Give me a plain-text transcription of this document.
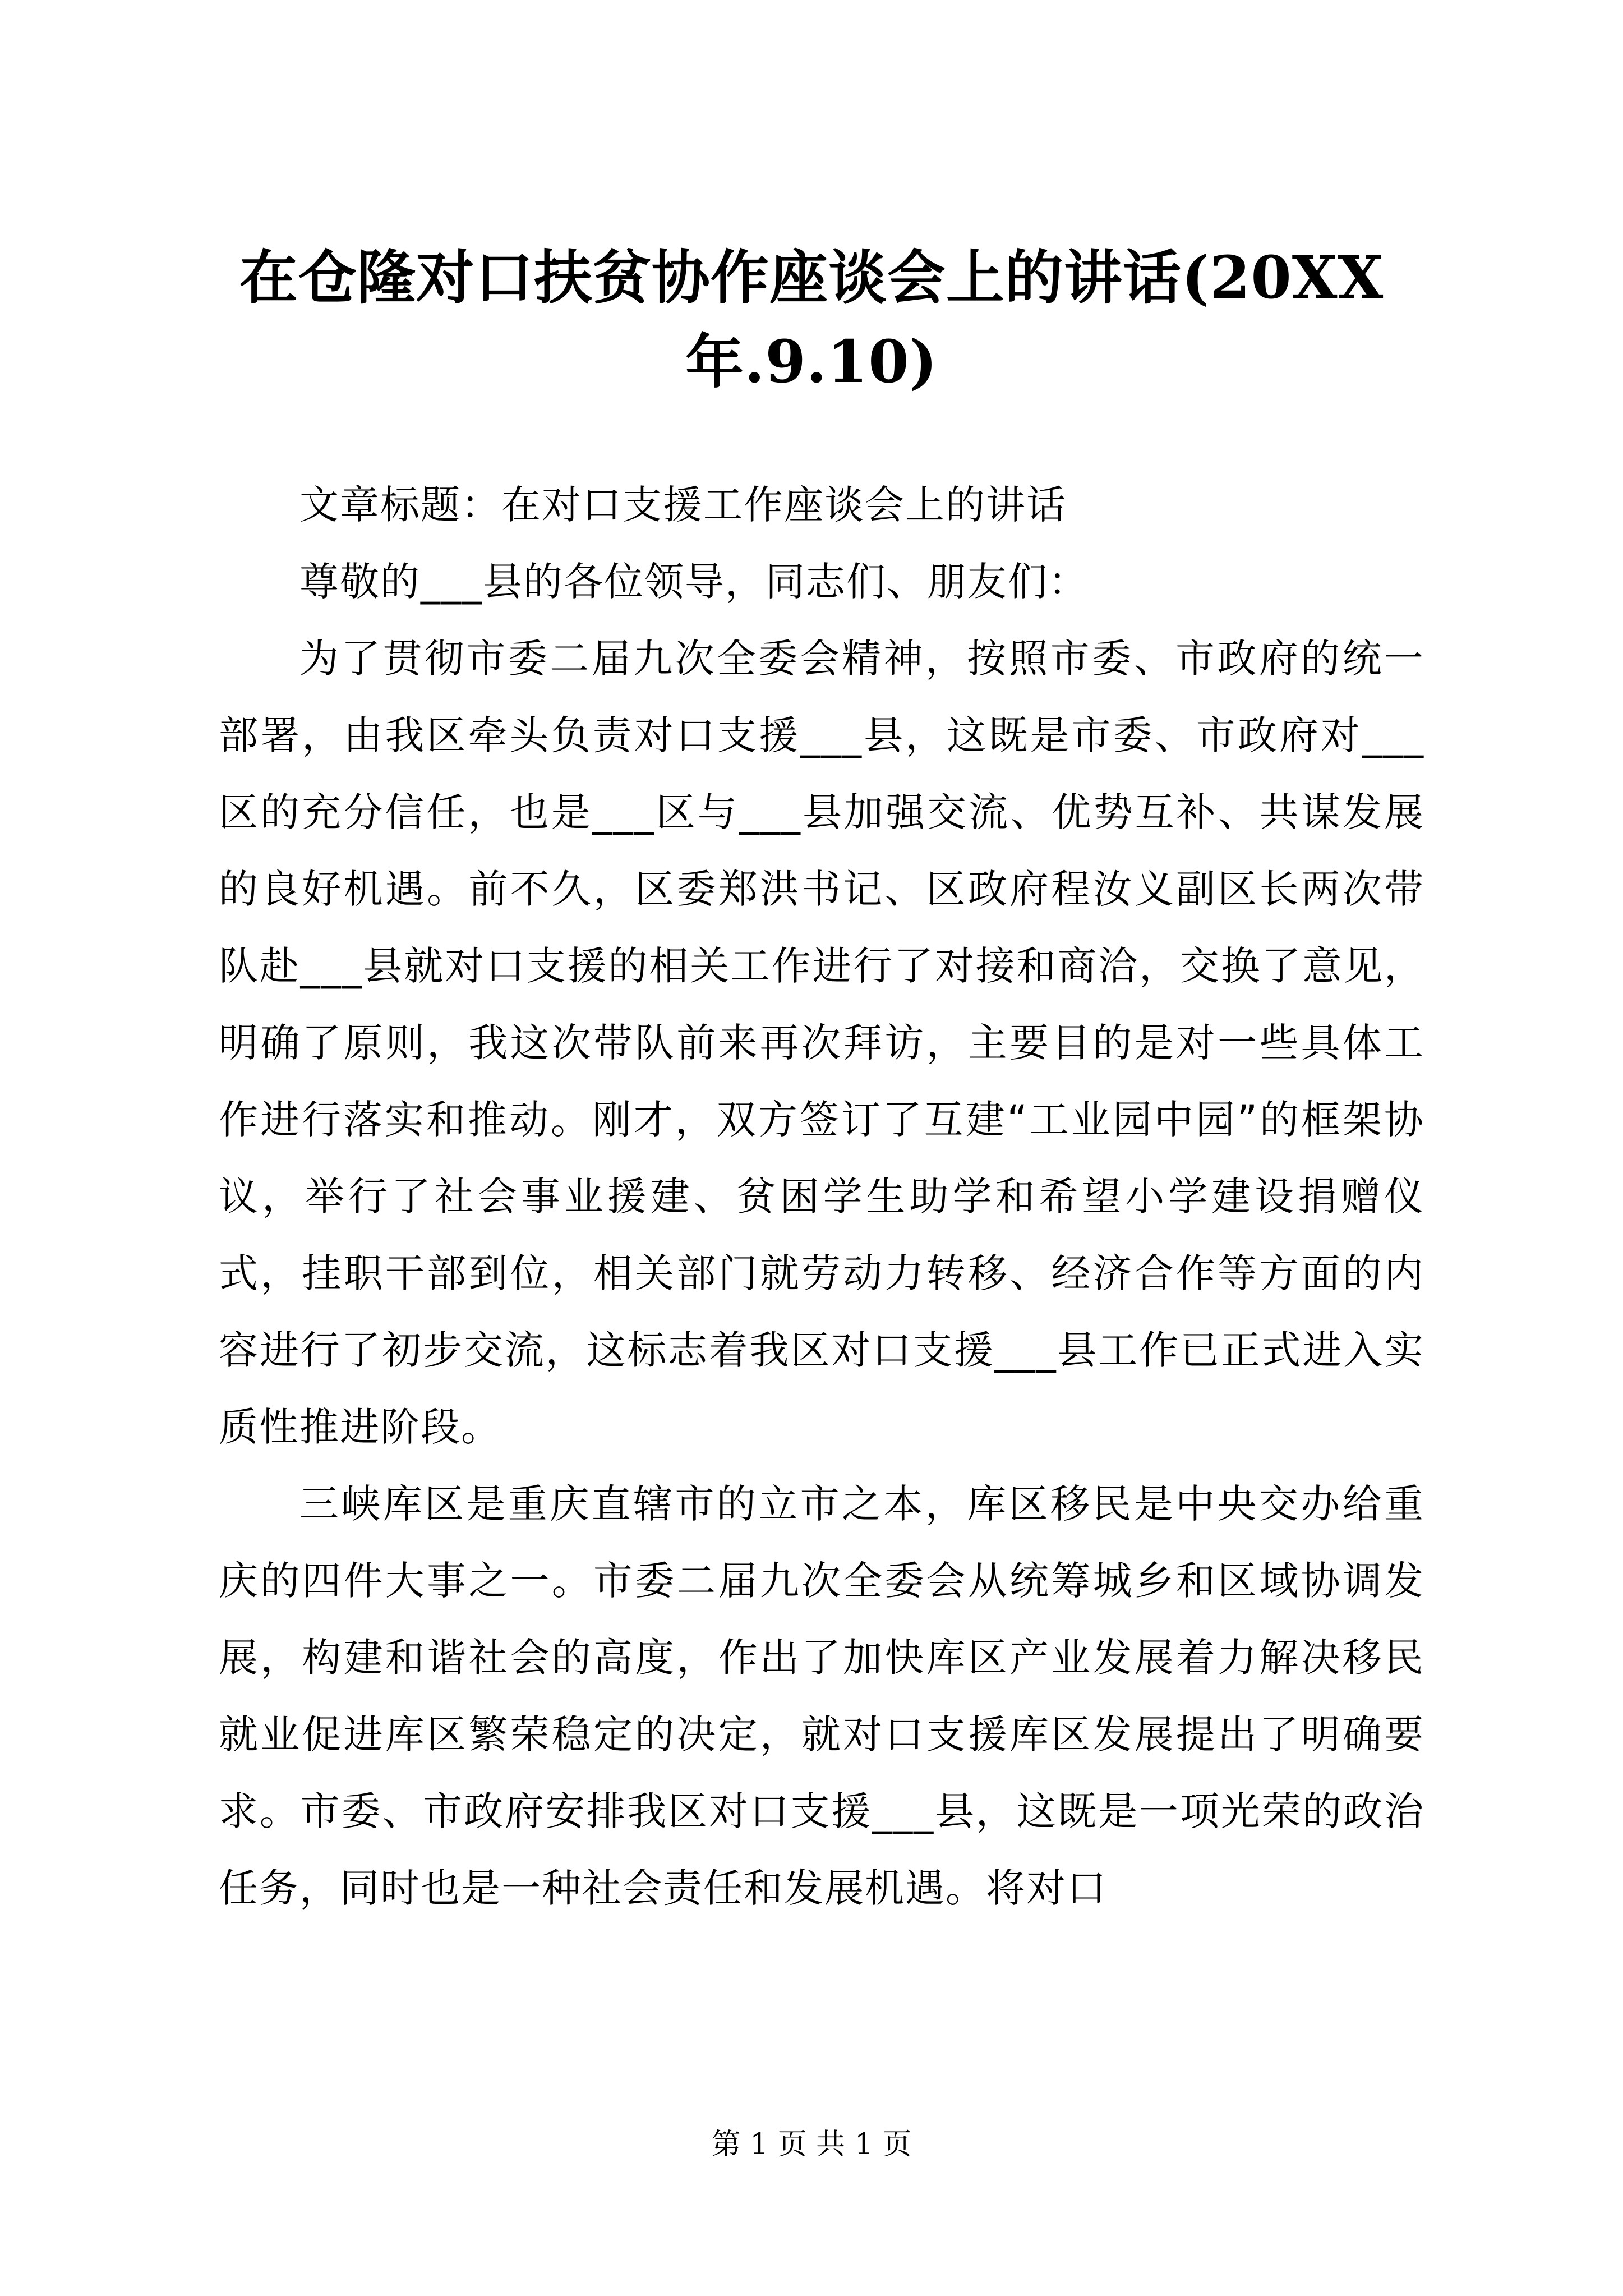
在仓隆对口扶贫协作座谈会上的讲话(20XX年.9.10)

文章标题：在对口支援工作座谈会上的讲话

尊敬的___县的各位领导，同志们、朋友们：

为了贯彻市委二届九次全委会精神，按照市委、市政府的统一部署，由我区牵头负责对口支援___县，这既是市委、市政府对___区的充分信任，也是___区与___县加强交流、优势互补、共谋发展的良好机遇。前不久，区委郑洪书记、区政府程汝义副区长两次带队赴___县就对口支援的相关工作进行了对接和商洽，交换了意见，明确了原则，我这次带队前来再次拜访，主要目的是对一些具体工作进行落实和推动。刚才，双方签订了互建“工业园中园”的框架协议，举行了社会事业援建、贫困学生助学和希望小学建设捐赠仪式，挂职干部到位，相关部门就劳动力转移、经济合作等方面的内容进行了初步交流，这标志着我区对口支援___县工作已正式进入实质性推进阶段。

三峡库区是重庆直辖市的立市之本，库区移民是中央交办给重庆的四件大事之一。市委二届九次全委会从统筹城乡和区域协调发展，构建和谐社会的高度，作出了加快库区产业发展着力解决移民就业促进库区繁荣稳定的决定，就对口支援库区发展提出了明确要求。市委、市政府安排我区对口支援___县，这既是一项光荣的政治任务，同时也是一种社会责任和发展机遇。将对口

第 1 页 共 1 页
